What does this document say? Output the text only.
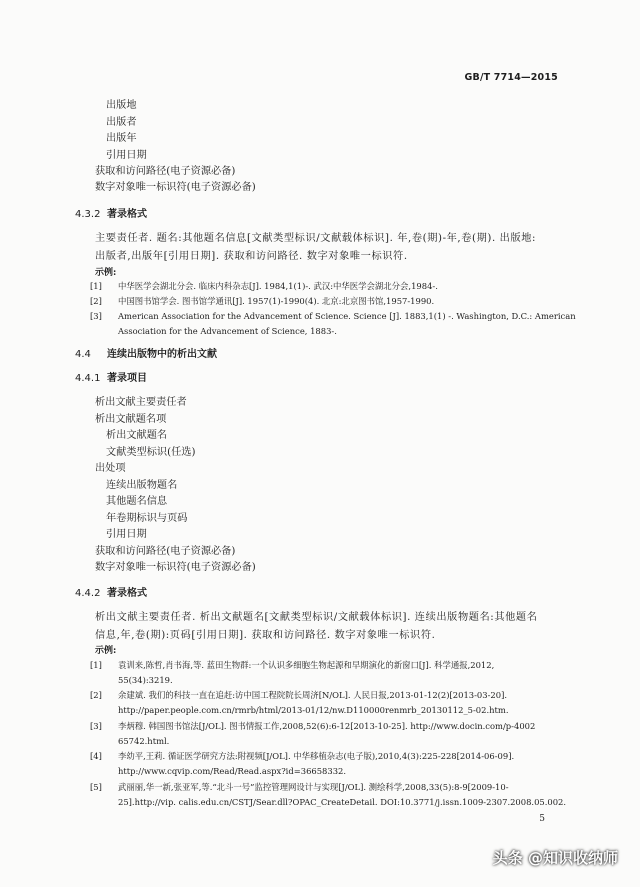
GB/T 7714—2015
出版地
出版者
出版年
引用日期
获取和访问路径(电子资源必备)
数字对象唯一标识符(电子资源必备)
4.3.2 著录格式
主要责任者. 题名:其他题名信息[文献类型标识/文献载体标识]. 年,卷(期)-年,卷(期). 出版地:
出版者,出版年[引用日期]. 获取和访问路径. 数字对象唯一标识符.
示例:
[1]	中华医学会湖北分会. 临床内科杂志[J]. 1984,1(1)-. 武汉:中华医学会湖北分会,1984-.
[2]	中国图书馆学会. 图书馆学通讯[J]. 1957(1)-1990(4). 北京:北京图书馆,1957-1990.
[3]	American Association for the Advancement of Science. Science [J]. 1883,1(1) -. Washington, D.C.: American
Association for the Advancement of Science, 1883-.
4.4 连续出版物中的析出文献
4.4.1 著录项目
析出文献主要责任者
析出文献题名项
析出文献题名
文献类型标识(任选)
出处项
连续出版物题名
其他题名信息
年卷期标识与页码
引用日期
获取和访问路径(电子资源必备)
数字对象唯一标识符(电子资源必备)
4.4.2 著录格式
析出文献主要责任者. 析出文献题名[文献类型标识/文献载体标识]. 连续出版物题名:其他题名
信息,年,卷(期):页码[引用日期]. 获取和访问路径. 数字对象唯一标识符.
示例:
[1]	袁训来,陈哲,肖书海,等. 蓝田生物群:一个认识多细胞生物起源和早期演化的新窗口[J]. 科学通报,2012,
55(34):3219.
[2]	余建斌. 我们的科技一直在追赶:访中国工程院院长周济[N/OL]. 人民日报,2013-01-12(2)[2013-03-20].
http://paper.people.com.cn/rmrb/html/2013-01/12/nw.D110000renmrb_20130112_5-02.htm.
[3]	李炳穆. 韩国图书馆法[J/OL]. 图书情报工作,2008,52(6):6-12[2013-10-25]. http://www.docin.com/p-4002
65742.html.
[4]	李幼平,王莉. 循证医学研究方法:附视频[J/OL]. 中华移植杂志(电子版),2010,4(3):225-228[2014-06-09].
http://www.cqvip.com/Read/Read.aspx?id=36658332.
[5]	武丽丽,华一新,张亚军,等.“北斗一号”监控管理网设计与实现[J/OL]. 测绘科学,2008,33(5):8-9[2009-10-
25].http://vip. calis.edu.cn/CSTJ/Sear.dll?OPAC_CreateDetail. DOI:10.3771/j.issn.1009-2307.2008.05.002.
5
头条 @知识收纳师
